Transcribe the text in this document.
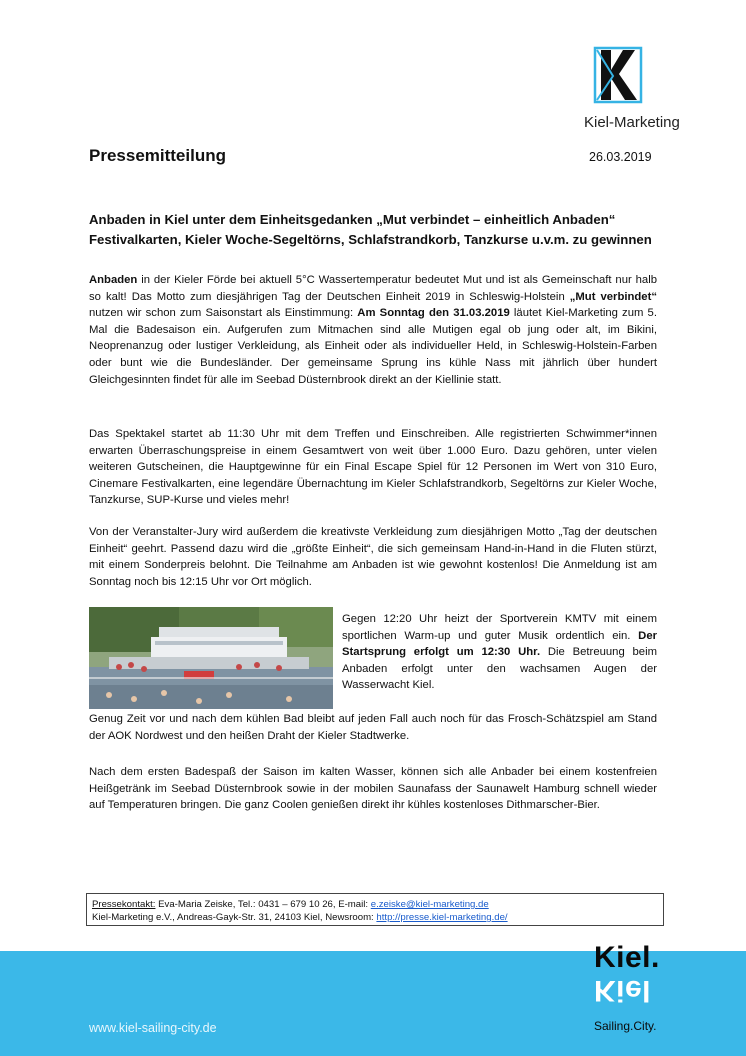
Kiel-Marketing
Pressemitteilung	26.03.2019
Anbaden in Kiel unter dem Einheitsgedanken „Mut verbindet – einheitlich Anbaden“
Festivalkarten, Kieler Woche-Segeltörns, Schlafstrandkorb, Tanzkurse u.v.m. zu gewinnen
Anbaden in der Kieler Förde bei aktuell 5°C Wassertemperatur bedeutet Mut und ist als Gemeinschaft nur halb so kalt! Das Motto zum diesjährigen Tag der Deutschen Einheit 2019 in Schleswig-Holstein „Mut verbindet“ nutzen wir schon zum Saisonstart als Einstimmung: Am Sonntag den 31.03.2019 läutet Kiel-Marketing zum 5. Mal die Badesaison ein. Aufgerufen zum Mitmachen sind alle Mutigen egal ob jung oder alt, im Bikini, Neoprenanzug oder lustiger Verkleidung, als Einheit oder als individueller Held, in Schleswig-Holstein-Farben oder bunt wie die Bundesländer. Der gemeinsame Sprung ins kühle Nass mit jährlich über hundert Gleichgesinnten findet für alle im Seebad Düsternbrook direkt an der Kiellinie statt.
Das Spektakel startet ab 11:30 Uhr mit dem Treffen und Einschreiben. Alle registrierten Schwimmer*innen erwarten Überraschungspreise in einem Gesamtwert von weit über 1.000 Euro. Dazu gehören, unter vielen weiteren Gutscheinen, die Hauptgewinne für ein Final Escape Spiel für 12 Personen im Wert von 310 Euro, Cinemare Festivalkarten, eine legendäre Übernachtung im Kieler Schlafstrandkorb, Segeltörns zur Kieler Woche, Tanzkurse, SUP-Kurse und vieles mehr!
Von der Veranstalter-Jury wird außerdem die kreativste Verkleidung zum diesjährigen Motto „Tag der deutschen Einheit“ geehrt. Passend dazu wird die „größte Einheit“, die sich gemeinsam Hand-in-Hand in die Fluten stürzt, mit einem Sonderpreis belohnt. Die Teilnahme am Anbaden ist wie gewohnt kostenlos! Die Anmeldung ist am Sonntag noch bis 12:15 Uhr vor Ort möglich.
Gegen 12:20 Uhr heizt der Sportverein KMTV mit einem sportlichen Warm-up und guter Musik ordentlich ein. Der Startsprung erfolgt um 12:30 Uhr. Die Betreuung beim Anbaden erfolgt unter den wachsamen Augen der Wasserwacht Kiel.
Genug Zeit vor und nach dem kühlen Bad bleibt auf jeden Fall auch noch für das Frosch-Schätzspiel am Stand der AOK Nordwest und den heißen Draht der Kieler Stadtwerke.
Nach dem ersten Badespaß der Saison im kalten Wasser, können sich alle Anbader bei einem kostenfreien Heißgetränk im Seebad Düsternbrook sowie in der mobilen Saunafass der Saunawelt Hamburg schnell wieder auf Temperaturen bringen. Die ganz Coolen genießen direkt ihr kühles kostenloses Dithmarscher-Bier.
Pressekontakt: Eva-Maria Zeiske, Tel.: 0431 – 679 10 26, E-mail: e.zeiske@kiel-marketing.de
Kiel-Marketing e.V., Andreas-Gayk-Str. 31, 24103 Kiel, Newsroom: http://presse.kiel-marketing.de/
www.kiel-sailing-city.de
Kiel.
Kiel
Sailing.City.
